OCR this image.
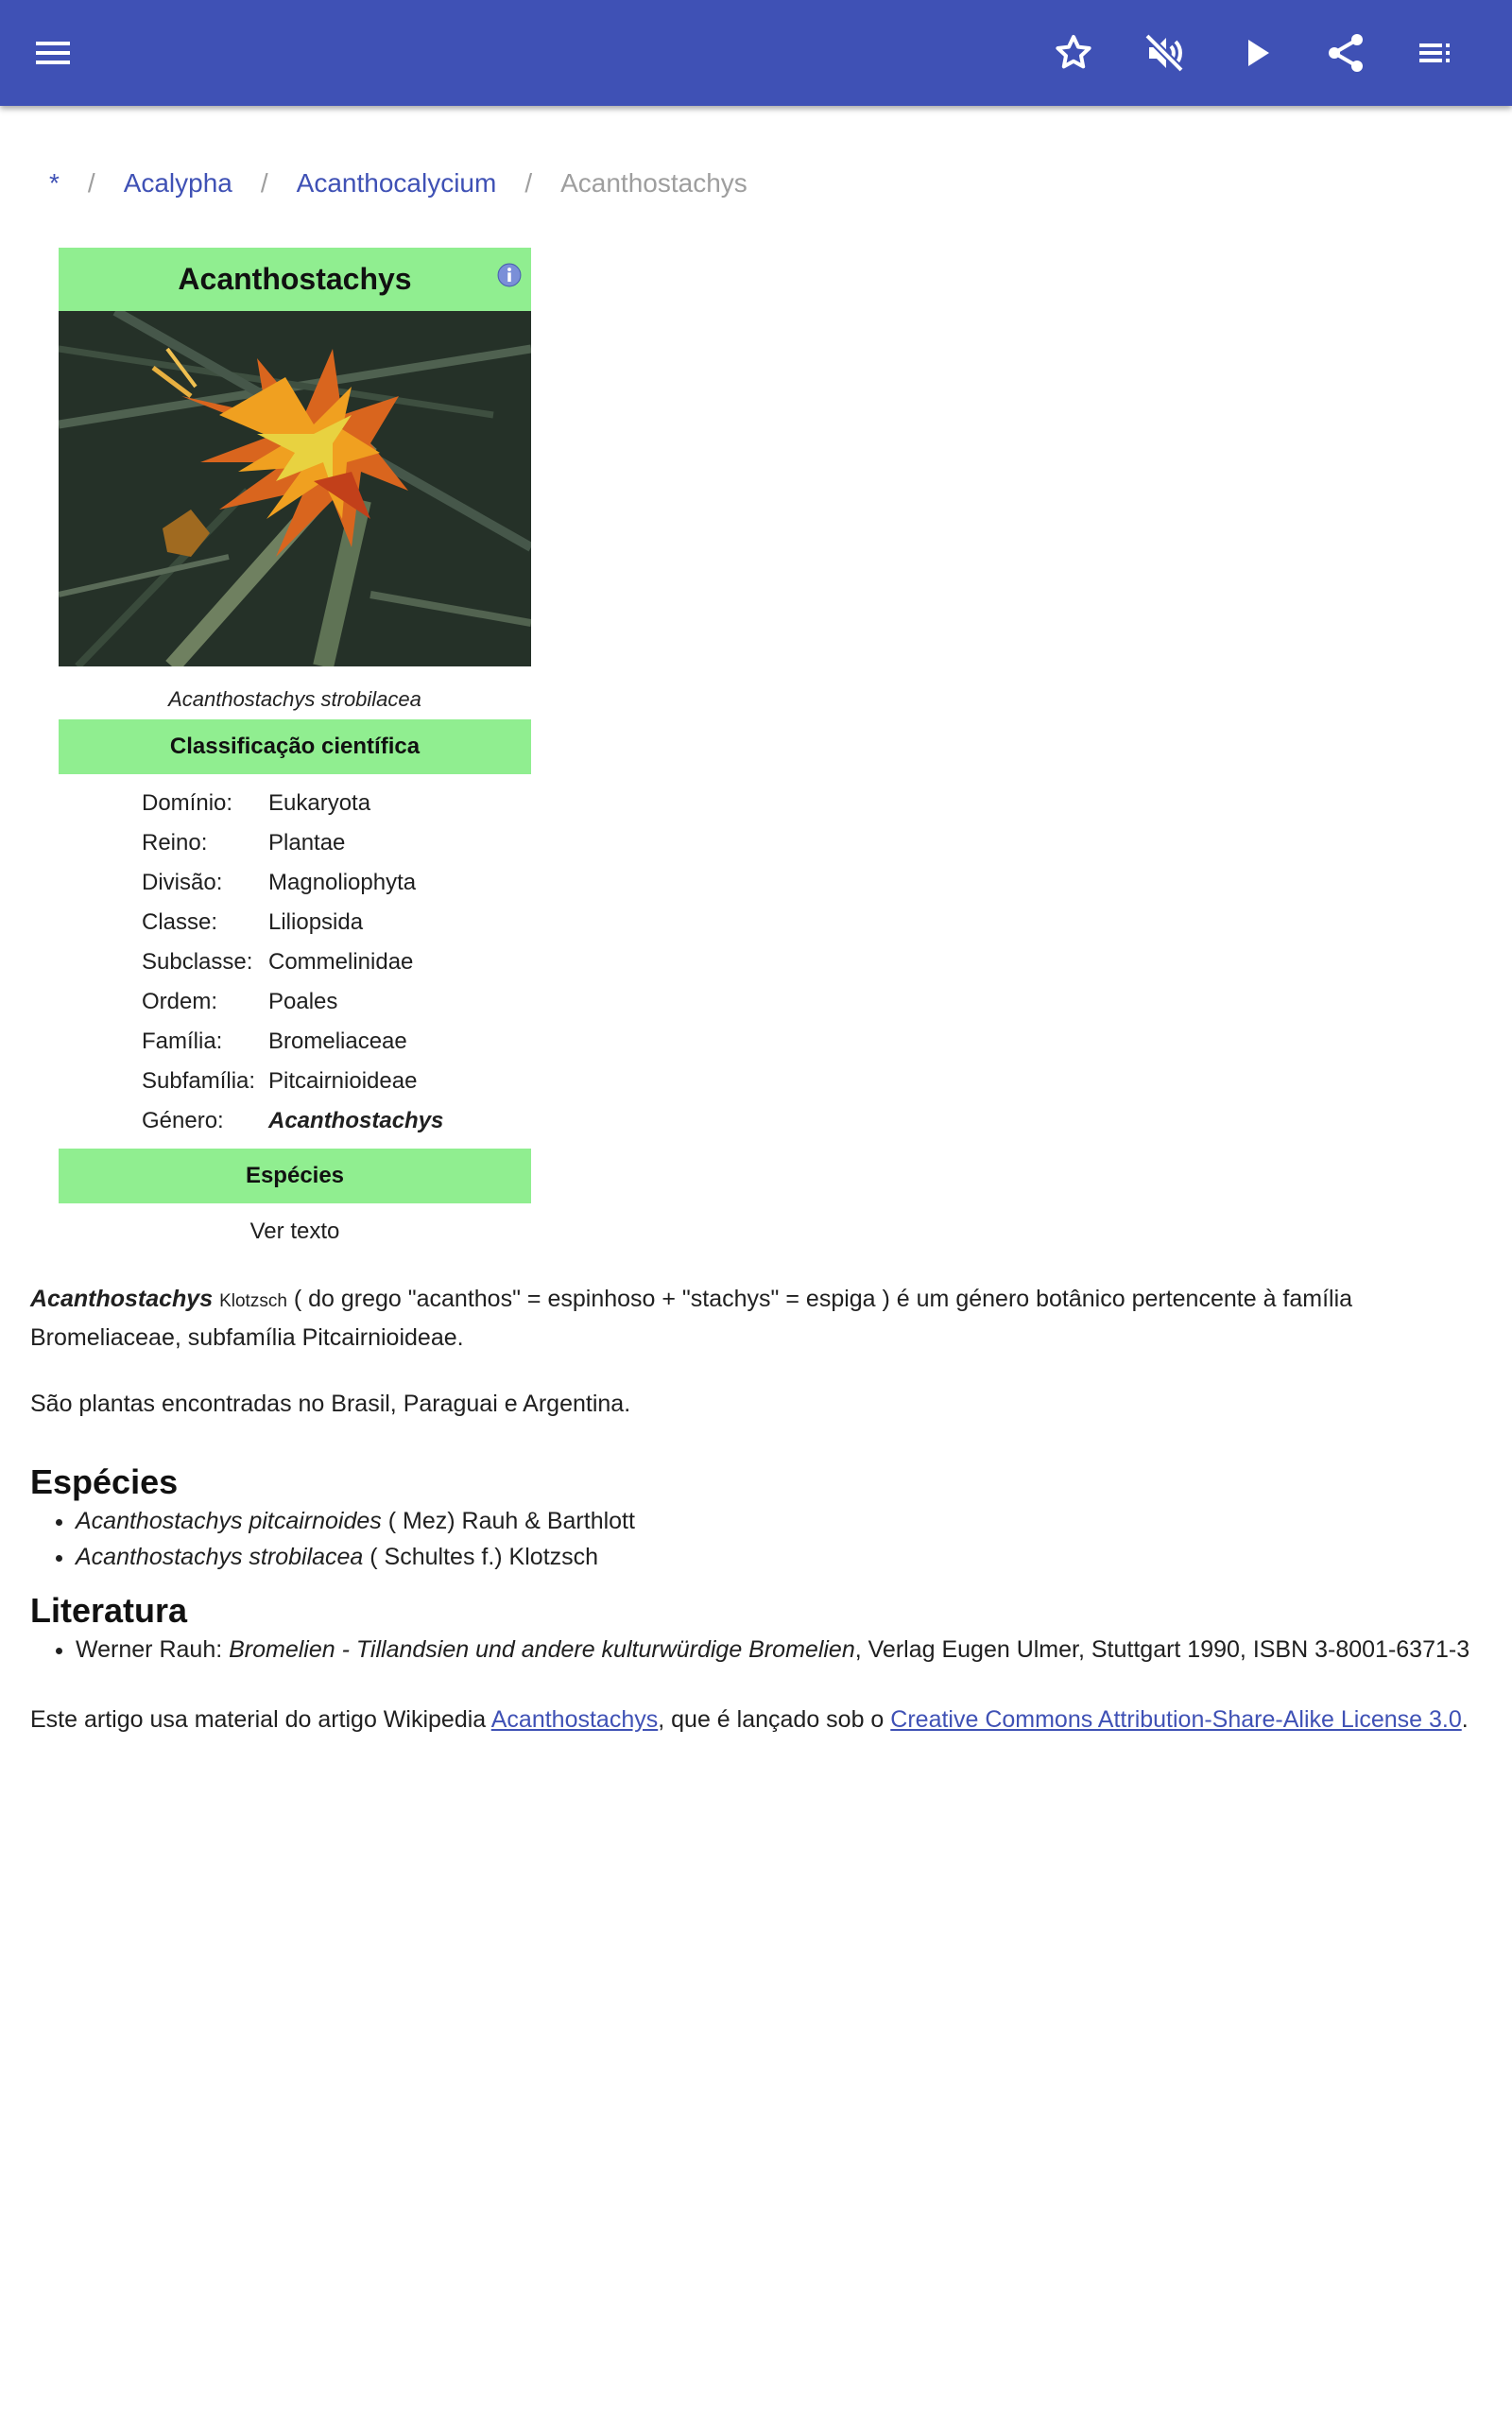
* / Acalypha / Acanthocalycium / Acanthostachys
Acanthostachys
Acanthostachys strobilacea
Classificação científica
Domínio:	Eukaryota
Reino:	Plantae
Divisão:	Magnoliophyta
Classe:	Liliopsida
Subclasse:	Commelinidae
Ordem:	Poales
Família:	Bromeliaceae
Subfamília:	Pitcairnioideae
Género:	Acanthostachys
Espécies
Ver texto

Acanthostachys Klotzsch ( do grego "acanthos" = espinhoso + "stachys" = espiga ) é um género botânico pertencente à família Bromeliaceae, subfamília Pitcairnioideae.

São plantas encontradas no Brasil, Paraguai e Argentina.

Espécies
• Acanthostachys pitcairnoides ( Mez) Rauh & Barthlott
• Acanthostachys strobilacea ( Schultes f.) Klotzsch
Literatura
• Werner Rauh: Bromelien - Tillandsien und andere kulturwürdige Bromelien, Verlag Eugen Ulmer, Stuttgart 1990, ISBN 3-8001-6371-3

Este artigo usa material do artigo Wikipedia Acanthostachys, que é lançado sob o Creative Commons Attribution-Share-Alike License 3.0.
